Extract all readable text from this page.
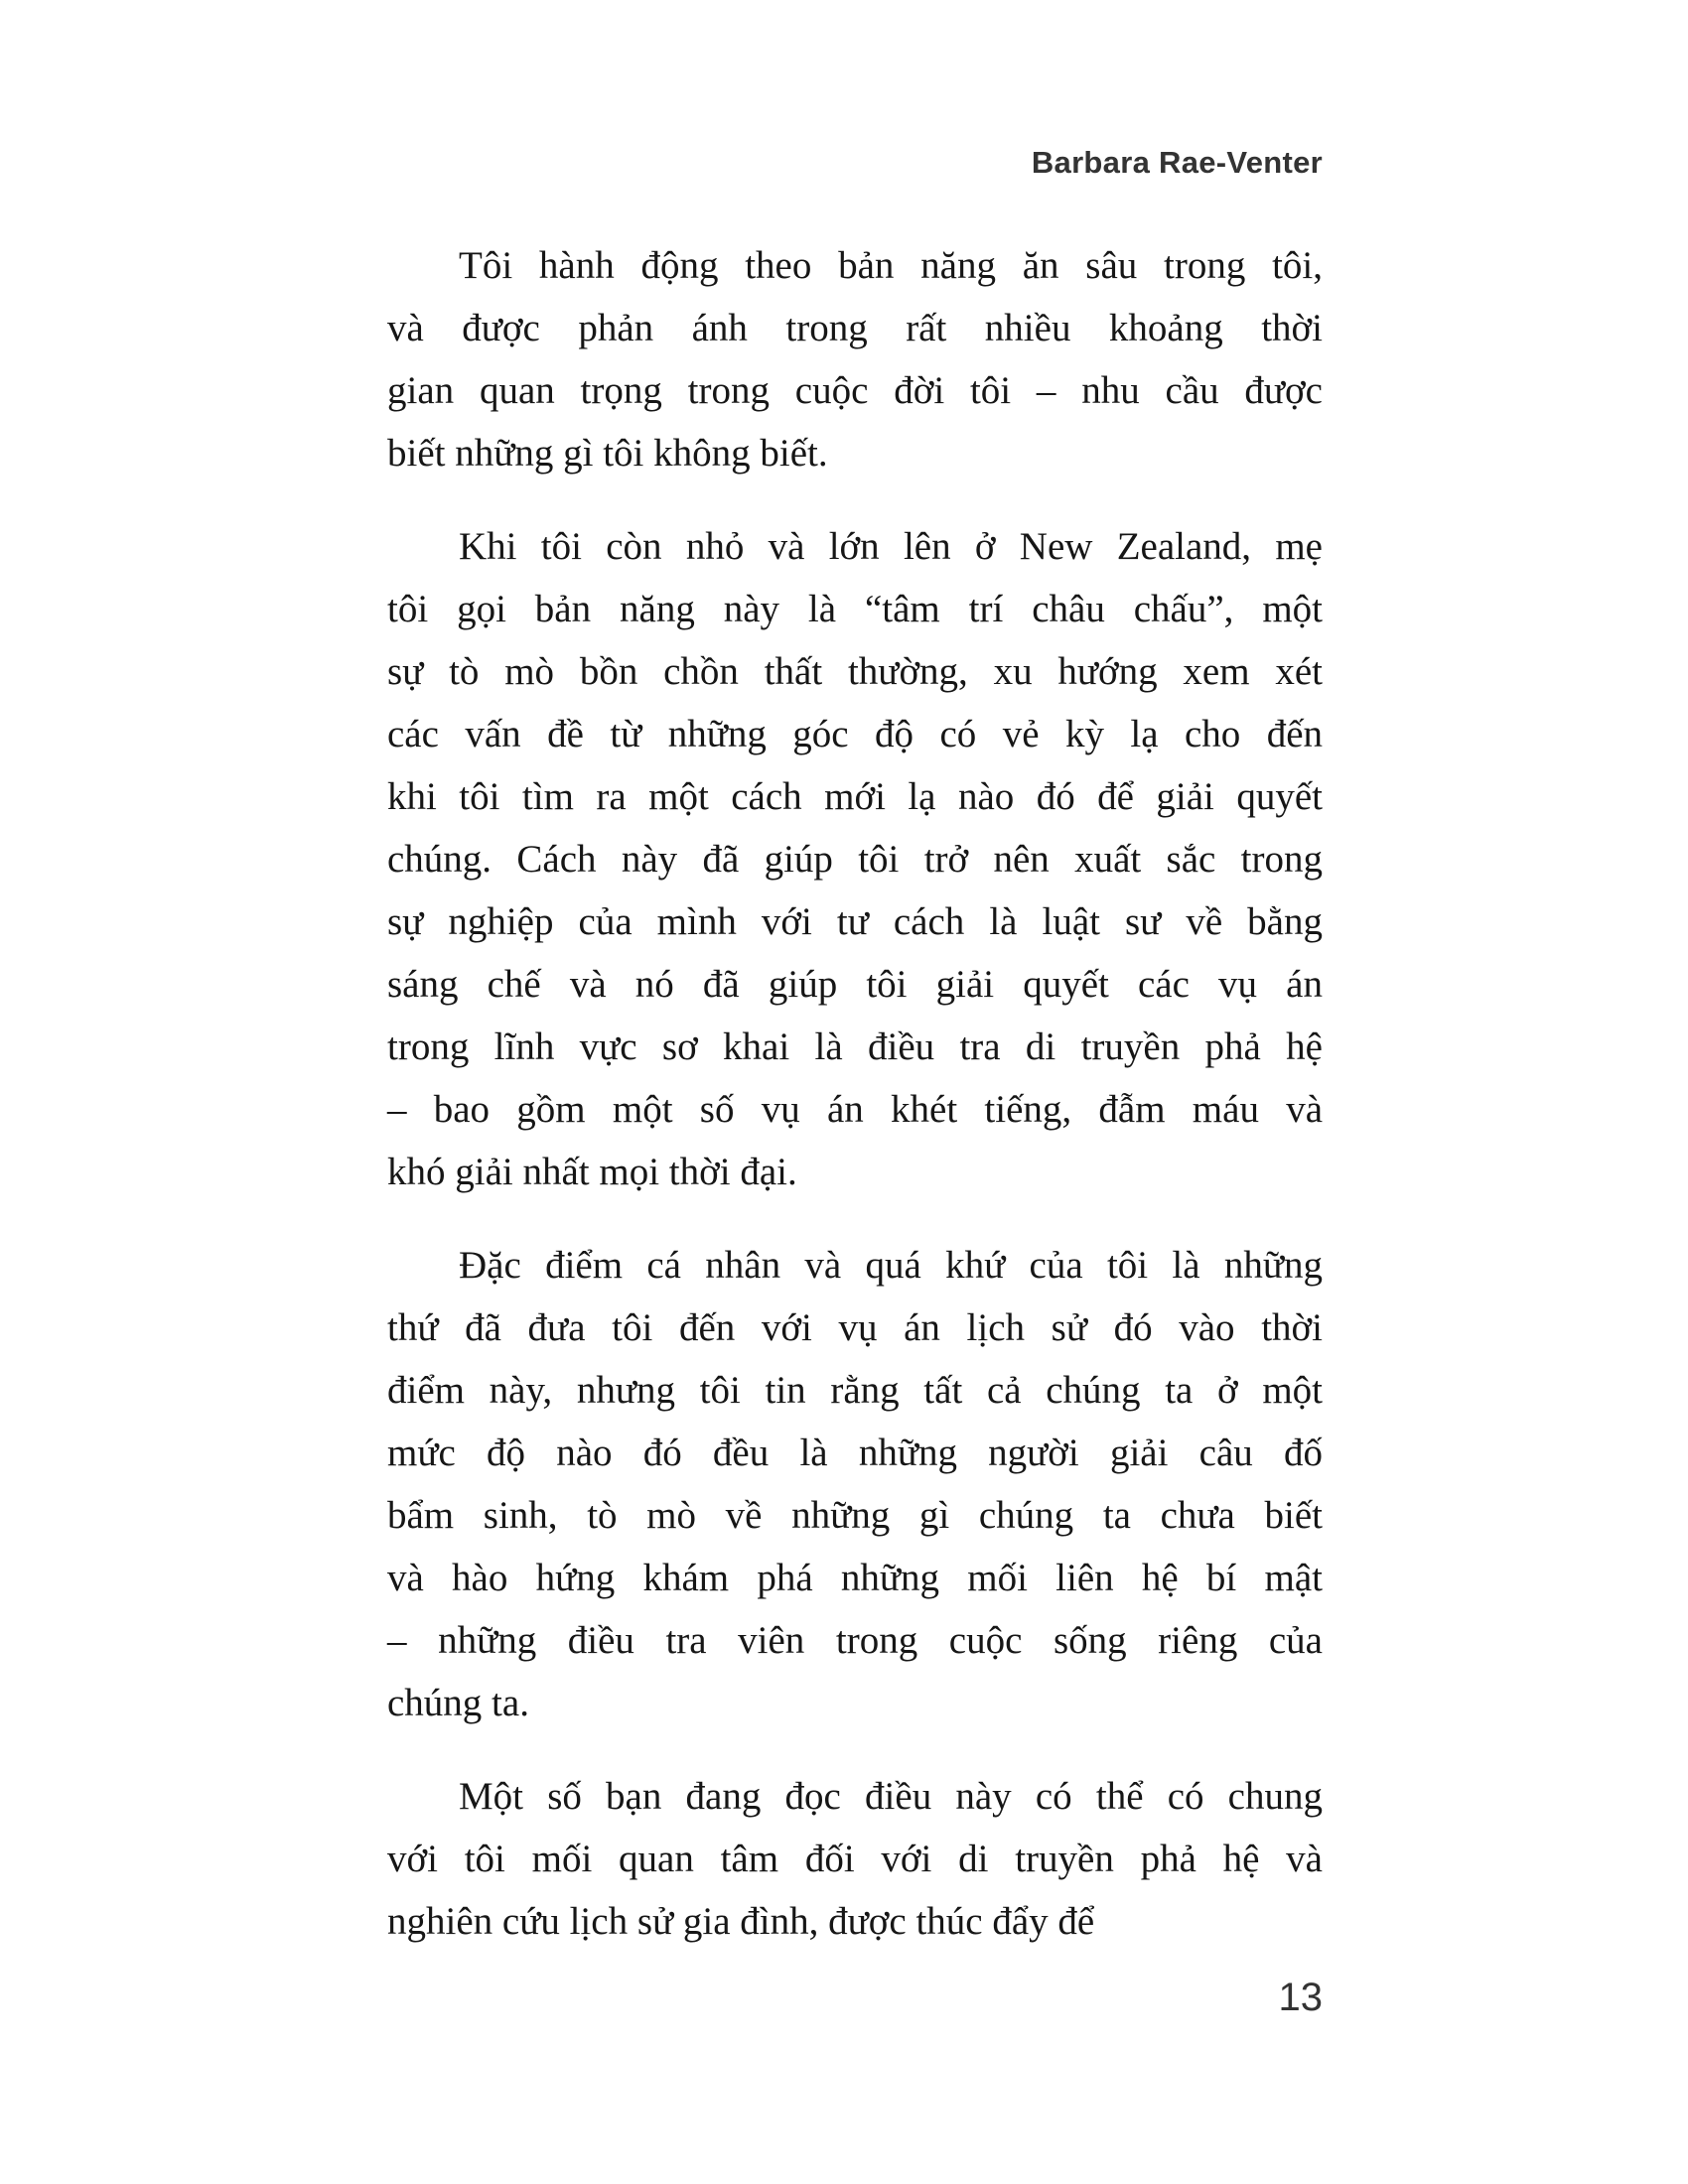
Barbara Rae-Venter
Tôi hành động theo bản năng ăn sâu trong tôi,
và được phản ánh trong rất nhiều khoảng thời
gian quan trọng trong cuộc đời tôi – nhu cầu được
biết những gì tôi không biết.
Khi tôi còn nhỏ và lớn lên ở New Zealand, mẹ
tôi gọi bản năng này là “tâm trí châu chấu”, một
sự tò mò bồn chồn thất thường, xu hướng xem xét
các vấn đề từ những góc độ có vẻ kỳ lạ cho đến
khi tôi tìm ra một cách mới lạ nào đó để giải quyết
chúng. Cách này đã giúp tôi trở nên xuất sắc trong
sự nghiệp của mình với tư cách là luật sư về bằng
sáng chế và nó đã giúp tôi giải quyết các vụ án
trong lĩnh vực sơ khai là điều tra di truyền phả hệ
– bao gồm một số vụ án khét tiếng, đẫm máu và
khó giải nhất mọi thời đại.
Đặc điểm cá nhân và quá khứ của tôi là những
thứ đã đưa tôi đến với vụ án lịch sử đó vào thời
điểm này, nhưng tôi tin rằng tất cả chúng ta ở một
mức độ nào đó đều là những người giải câu đố
bẩm sinh, tò mò về những gì chúng ta chưa biết
và hào hứng khám phá những mối liên hệ bí mật
– những điều tra viên trong cuộc sống riêng của
chúng ta.
Một số bạn đang đọc điều này có thể có chung
với tôi mối quan tâm đối với di truyền phả hệ và
nghiên cứu lịch sử gia đình, được thúc đẩy để
13
